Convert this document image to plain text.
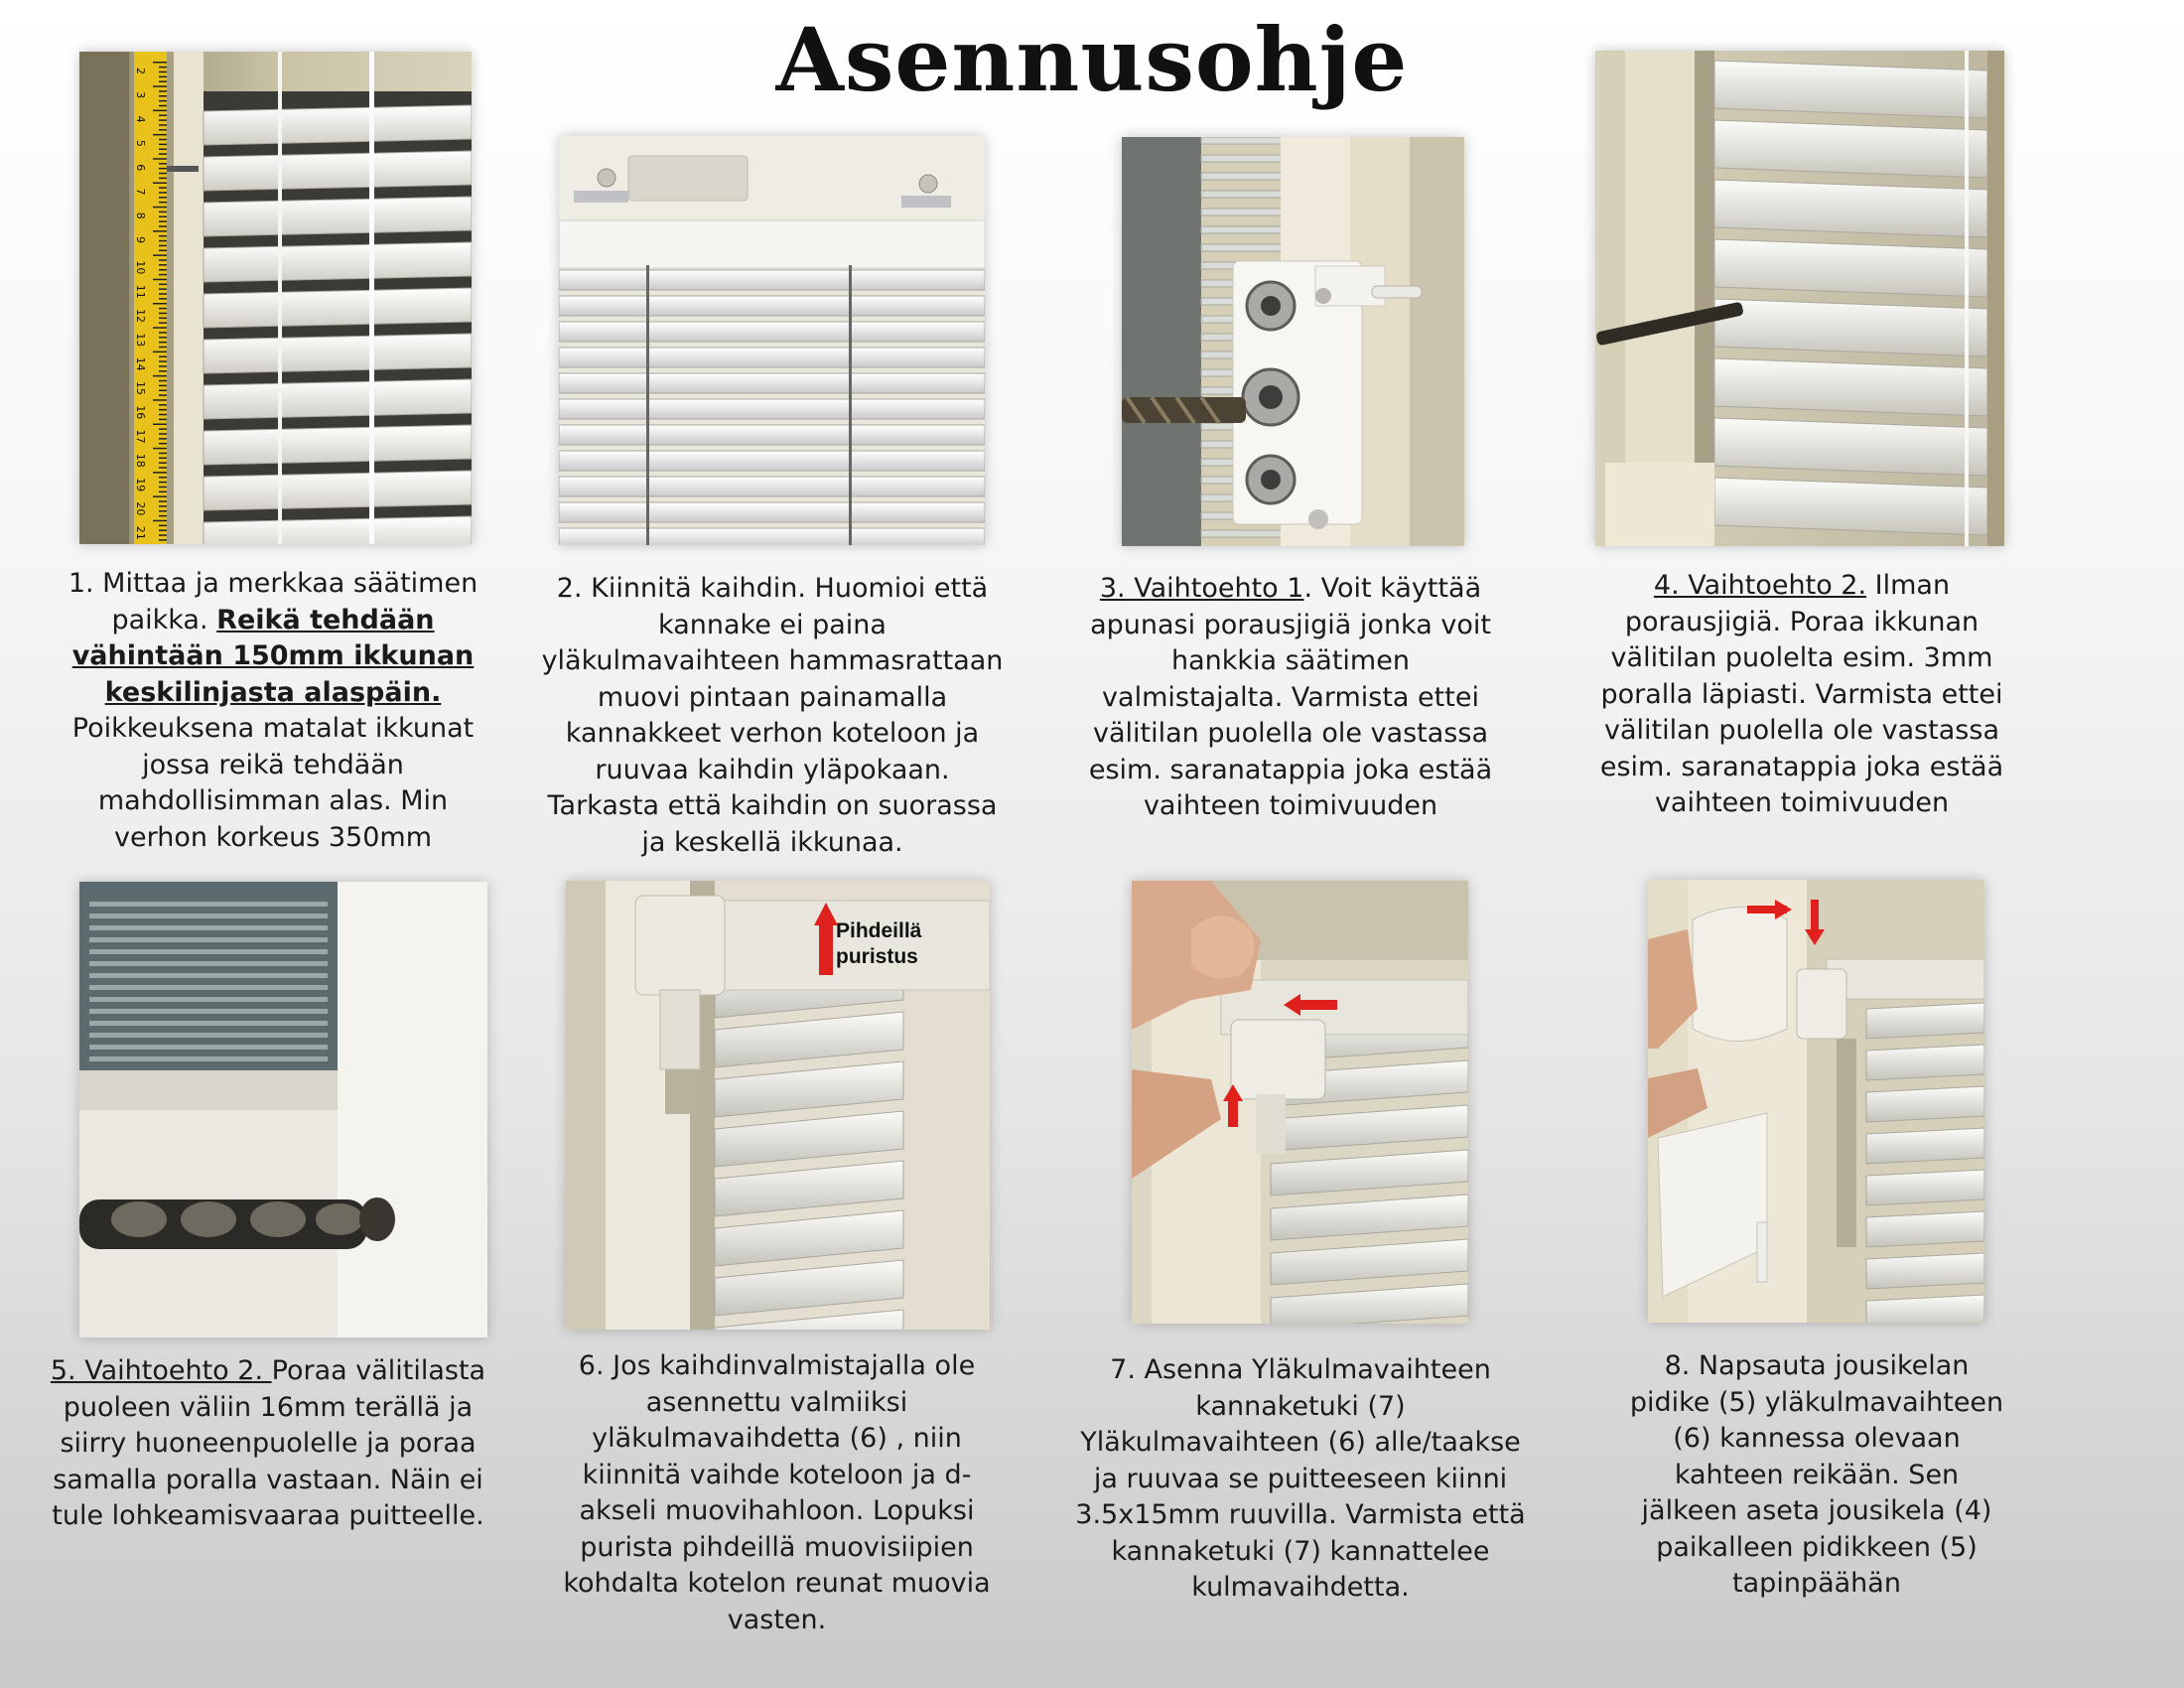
Asennusohje
2
3
4
5
6
7
8
9
10
11
12
13
14
15
16
17
18
19
20
21
Pihdeillä puristus
1. Mittaa ja merkkaa säätimen
paikka. Reikä tehdään
vähintään 150mm ikkunan
keskilinjasta alaspäin.
Poikkeuksena matalat ikkunat
jossa reikä tehdään
mahdollisimman alas. Min
verhon korkeus 350mm
2. Kiinnitä kaihdin. Huomioi että
kannake ei paina
yläkulmavaihteen hammasrattaan
muovi pintaan painamalla
kannakkeet verhon koteloon ja
ruuvaa kaihdin yläpokaan.
Tarkasta että kaihdin on suorassa
ja keskellä ikkunaa.
3. Vaihtoehto 1. Voit käyttää
apunasi porausjigiä jonka voit
hankkia säätimen
valmistajalta. Varmista ettei
välitilan puolella ole vastassa
esim. saranatappia joka estää
vaihteen toimivuuden
4. Vaihtoehto 2. Ilman
porausjigiä. Poraa ikkunan
välitilan puolelta esim. 3mm
poralla läpiasti. Varmista ettei
välitilan puolella ole vastassa
esim. saranatappia joka estää
vaihteen toimivuuden
5. Vaihtoehto 2. Poraa välitilasta
puoleen väliin 16mm terällä ja
siirry huoneenpuolelle ja poraa
samalla poralla vastaan. Näin ei
tule lohkeamisvaaraa puitteelle.
6. Jos kaihdinvalmistajalla ole
asennettu valmiiksi
yläkulmavaihdetta (6) , niin
kiinnitä vaihde koteloon ja d-
akseli muovihahloon. Lopuksi
purista pihdeillä muovisiipien
kohdalta kotelon reunat muovia
vasten.
7. Asenna Yläkulmavaihteen
kannaketuki (7)
Yläkulmavaihteen (6) alle/taakse
ja ruuvaa se puitteeseen kiinni
3.5x15mm ruuvilla. Varmista että
kannaketuki (7) kannattelee
kulmavaihdetta.
8. Napsauta jousikelan
pidike (5) yläkulmavaihteen
(6) kannessa olevaan
kahteen reikään. Sen
jälkeen aseta jousikela (4)
paikalleen pidikkeen (5)
tapinpäähän
